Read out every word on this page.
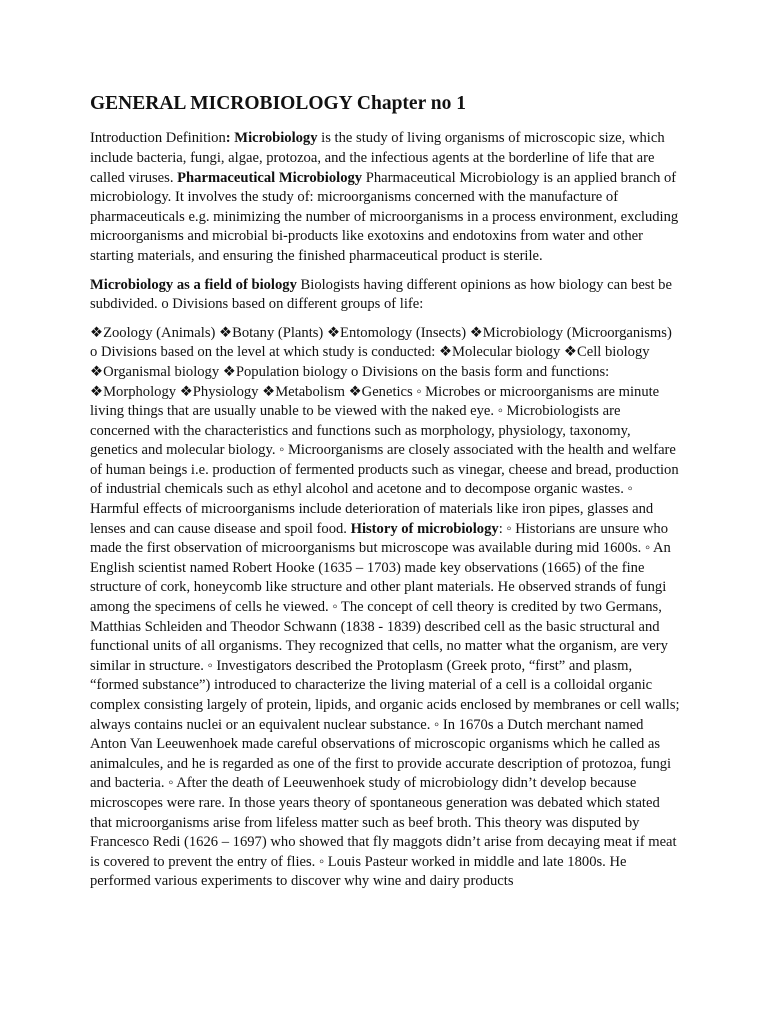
GENERAL MICROBIOLOGY Chapter no 1

Introduction Definition: Microbiology is the study of living organisms of microscopic size, which include bacteria, fungi, algae, protozoa, and the infectious agents at the borderline of life that are called viruses. Pharmaceutical Microbiology Pharmaceutical Microbiology is an applied branch of microbiology. It involves the study of: microorganisms concerned with the manufacture of pharmaceuticals e.g. minimizing the number of microorganisms in a process environment, excluding microorganisms and microbial bi-products like exotoxins and endotoxins from water and other starting materials, and ensuring the finished pharmaceutical product is sterile.

Microbiology as a field of biology Biologists having different opinions as how biology can best be subdivided. o Divisions based on different groups of life:

❖Zoology (Animals) ❖Botany (Plants) ❖Entomology (Insects) ❖Microbiology (Microorganisms) o Divisions based on the level at which study is conducted: ❖Molecular biology ❖Cell biology ❖Organismal biology ❖Population biology o Divisions on the basis form and functions: ❖Morphology ❖Physiology ❖Metabolism ❖Genetics ◦ Microbes or microorganisms are minute living things that are usually unable to be viewed with the naked eye. ◦ Microbiologists are concerned with the characteristics and functions such as morphology, physiology, taxonomy, genetics and molecular biology. ◦ Microorganisms are closely associated with the health and welfare of human beings i.e. production of fermented products such as vinegar, cheese and bread, production of industrial chemicals such as ethyl alcohol and acetone and to decompose organic wastes. ◦ Harmful effects of microorganisms include deterioration of materials like iron pipes, glasses and lenses and can cause disease and spoil food. History of microbiology: ◦ Historians are unsure who made the first observation of microorganisms but microscope was available during mid 1600s. ◦ An English scientist named Robert Hooke (1635 – 1703) made key observations (1665) of the fine structure of cork, honeycomb like structure and other plant materials. He observed strands of fungi among the specimens of cells he viewed. ◦ The concept of cell theory is credited by two Germans, Matthias Schleiden and Theodor Schwann (1838 - 1839) described cell as the basic structural and functional units of all organisms. They recognized that cells, no matter what the organism, are very similar in structure. ◦ Investigators described the Protoplasm (Greek proto, “first” and plasm, “formed substance”) introduced to characterize the living material of a cell is a colloidal organic complex consisting largely of protein, lipids, and organic acids enclosed by membranes or cell walls; always contains nuclei or an equivalent nuclear substance. ◦ In 1670s a Dutch merchant named Anton Van Leeuwenhoek made careful observations of microscopic organisms which he called as animalcules, and he is regarded as one of the first to provide accurate description of protozoa, fungi and bacteria. ◦ After the death of Leeuwenhoek study of microbiology didn’t develop because microscopes were rare. In those years theory of spontaneous generation was debated which stated that microorganisms arise from lifeless matter such as beef broth. This theory was disputed by Francesco Redi (1626 – 1697) who showed that fly maggots didn’t arise from decaying meat if meat is covered to prevent the entry of flies. ◦ Louis Pasteur worked in middle and late 1800s. He performed various experiments to discover why wine and dairy products
